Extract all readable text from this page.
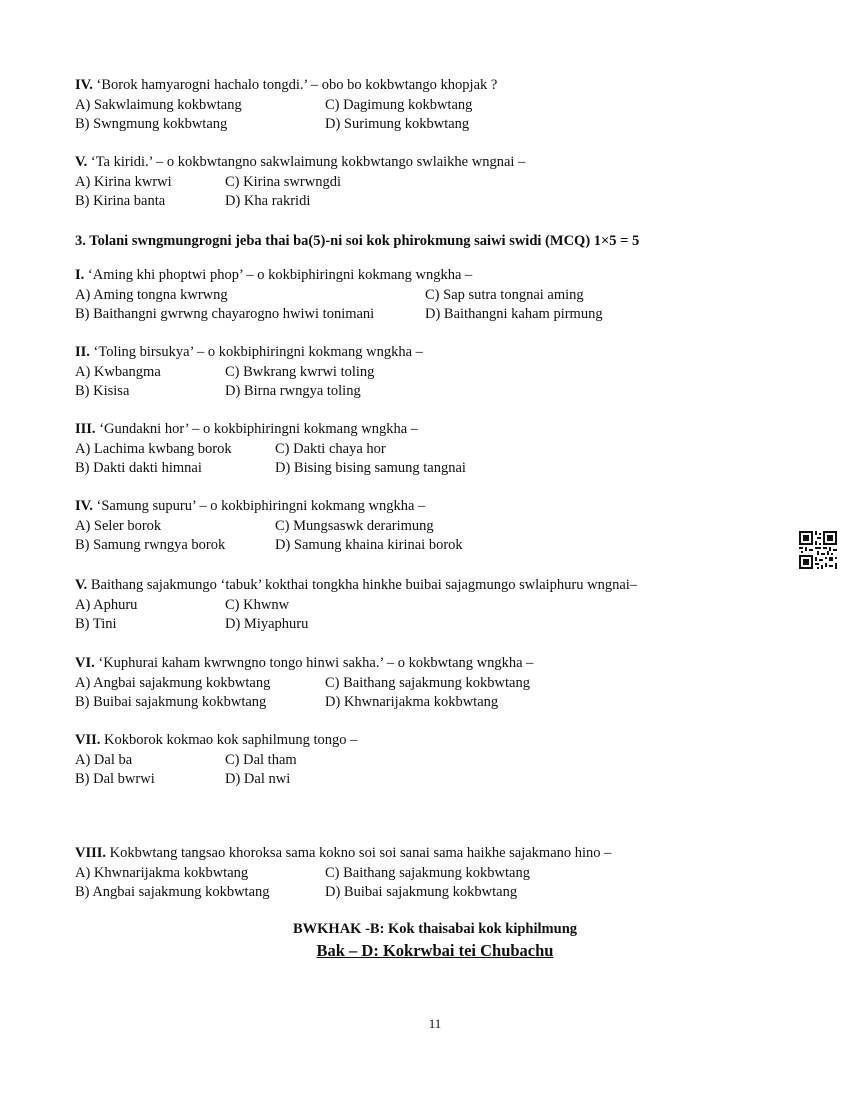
IV. ‘Borok hamyarogni hachalo tongdi.’ – obo bo kokbwtango khopjak ?
A) Sakwlaimung kokbwtang	C) Dagimung kokbwtang
B) Swngmung kokbwtang	D) Surimung kokbwtang
V. ‘Ta kiridi.’ – o kokbwtangno sakwlaimung kokbwtango swlaikhe wngnai –
A) Kirina kwrwi	C) Kirina swrwngdi
B) Kirina banta	D) Kha rakridi
3. Tolani swngmungrogni jeba thai ba(5)-ni soi kok phirokmung saiwi swidi (MCQ) 1×5 = 5
I. ‘Aming khi phoptwi phop’ – o kokbiphiringni kokmang wngkha –
A) Aming tongna kwrwng	C) Sap sutra tongnai aming
B) Baithangni gwrwng chayarogno hwiwi tonimani	D) Baithangni kaham pirmung
II. ‘Toling birsukya’ – o kokbiphiringni kokmang wngkha –
A) Kwbangma	C) Bwkrang kwrwi toling
B) Kisisa	D) Birna rwngya toling
III. ‘Gundakni hor’ – o kokbiphiringni kokmang wngkha –
A) Lachima kwbang borok	C) Dakti chaya hor
B) Dakti dakti himnai	D) Bising bising samung tangnai
IV. ‘Samung supuru’ – o kokbiphiringni kokmang wngkha –
A) Seler borok	C) Mungsaswk derarimung
B) Samung rwngya borok	D) Samung khaina kirinai borok
V. Baithang sajakmungo ‘tabuk’ kokthai tongkha hinkhe buibai sajagmungo swlaiphuru wngnai–
A) Aphuru	C) Khwnw
B) Tini	D) Miyaphuru
VI. ‘Kuphurai kaham kwrwngno tongo hinwi sakha.’ – o kokbwtang wngkha –
A) Angbai sajakmung kokbwtang	C) Baithang sajakmung kokbwtang
B) Buibai sajakmung kokbwtang	D) Khwnarijakma kokbwtang
VII. Kokborok kokmao kok saphilmung tongo –
A) Dal ba	C) Dal tham
B) Dal bwrwi	D) Dal nwi
VIII. Kokbwtang tangsao khoroksa sama kokno soi soi sanai sama haikhe sajakmano hino –
A) Khwnarijakma kokbwtang	C) Baithang sajakmung kokbwtang
B) Angbai sajakmung kokbwtang	D) Buibai sajakmung kokbwtang
BWKHAK -B: Kok thaisabai kok kiphilmung
Bak – D: Kokrwbai tei Chubachu
11
